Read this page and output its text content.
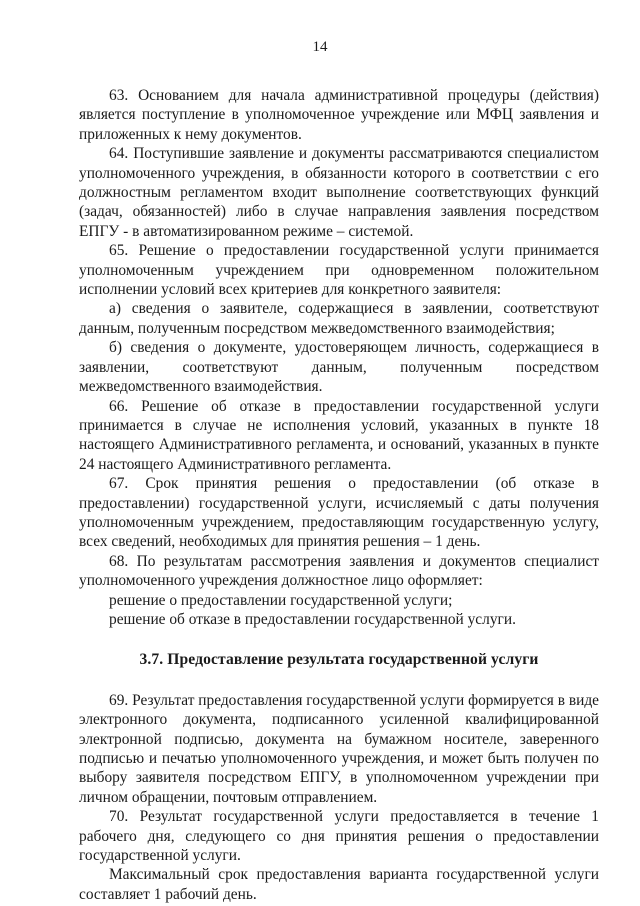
14

63. Основанием для начала административной процедуры (действия) является поступление в уполномоченное учреждение или МФЦ заявления и приложенных к нему документов.

64. Поступившие заявление и документы рассматриваются специалистом уполномоченного учреждения, в обязанности которого в соответствии с его должностным регламентом входит выполнение соответствующих функций (задач, обязанностей) либо в случае направления заявления посредством ЕПГУ - в автоматизированном режиме – системой.

65. Решение о предоставлении государственной услуги принимается уполномоченным учреждением при одновременном положительном исполнении условий всех критериев для конкретного заявителя:

а) сведения о заявителе, содержащиеся в заявлении, соответствуют данным, полученным посредством межведомственного взаимодействия;

б) сведения о документе, удостоверяющем личность, содержащиеся в заявлении, соответствуют данным, полученным посредством межведомственного взаимодействия.

66. Решение об отказе в предоставлении государственной услуги принимается в случае не исполнения условий, указанных в пункте 18 настоящего Административного регламента, и оснований, указанных в пункте 24 настоящего Административного регламента.

67. Срок принятия решения о предоставлении (об отказе в предоставлении) государственной услуги, исчисляемый с даты получения уполномоченным учреждением, предоставляющим государственную услугу, всех сведений, необходимых для принятия решения – 1 день.

68. По результатам рассмотрения заявления и документов специалист уполномоченного учреждения должностное лицо оформляет:

решение о предоставлении государственной услуги;

решение об отказе в предоставлении государственной услуги.

3.7. Предоставление результата государственной услуги

69. Результат предоставления государственной услуги формируется в виде электронного документа, подписанного усиленной квалифицированной электронной подписью, документа на бумажном носителе, заверенного подписью и печатью уполномоченного учреждения, и может быть получен по выбору заявителя посредством ЕПГУ, в уполномоченном учреждении при личном обращении, почтовым отправлением.

70. Результат государственной услуги предоставляется в течение 1 рабочего дня, следующего со дня принятия решения о предоставлении государственной услуги.

Максимальный срок предоставления варианта государственной услуги составляет 1 рабочий день.
